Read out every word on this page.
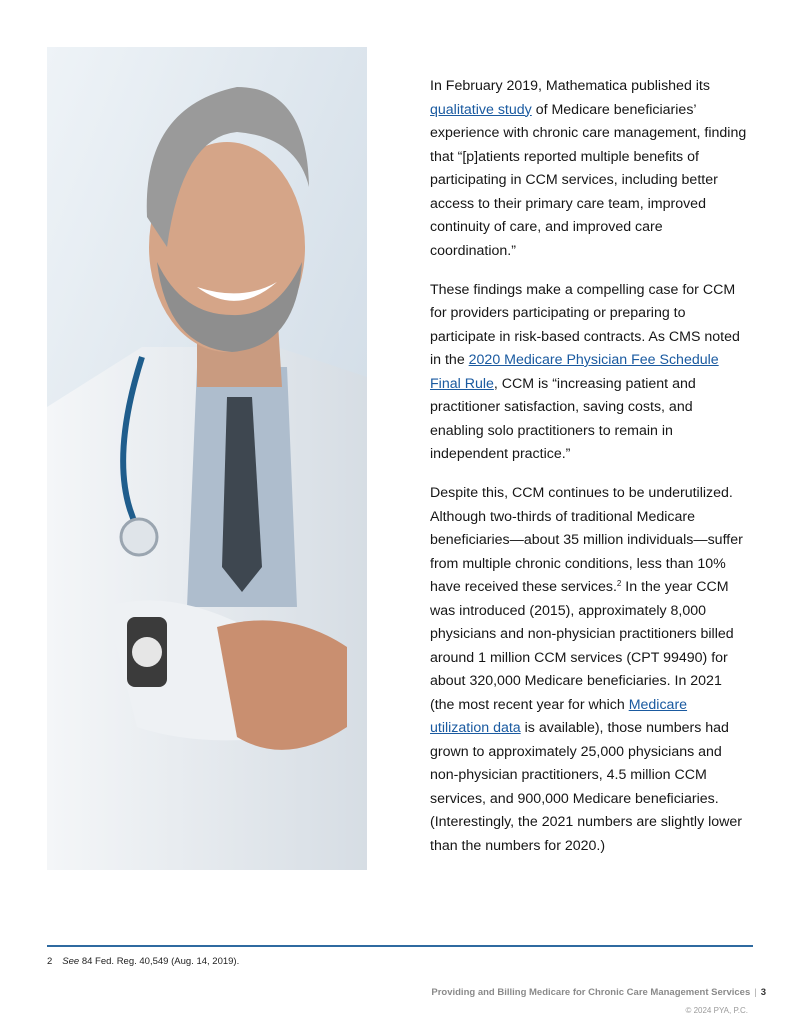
In February 2019, Mathematica published its qualitative study of Medicare beneficiaries’ experience with chronic care management, finding that “[p]atients reported multiple benefits of participating in CCM services, including better access to their primary care team, improved continuity of care, and improved care coordination.”

These findings make a compelling case for CCM for providers participating or preparing to participate in risk-based contracts. As CMS noted in the 2020 Medicare Physician Fee Schedule Final Rule, CCM is “increasing patient and practitioner satisfaction, saving costs, and enabling solo practitioners to remain in independent practice.”

Despite this, CCM continues to be underutilized. Although two-thirds of traditional Medicare beneficiaries—about 35 million individuals—suffer from multiple chronic conditions, less than 10% have received these services.$^2$ In the year CCM was introduced (2015), approximately 8,000 physicians and non-physician practitioners billed around 1 million CCM services (CPT 99490) for about 320,000 Medicare beneficiaries. In 2021 (the most recent year for which Medicare utilization data is available), those numbers had grown to approximately 25,000 physicians and non-physician practitioners, 4.5 million CCM services, and 900,000 Medicare beneficiaries. (Interestingly, the 2021 numbers are slightly lower than the numbers for 2020.)

2 See 84 Fed. Reg. 40,549 (Aug. 14, 2019).
Providing and Billing Medicare for Chronic Care Management Services | 3
© 2024 PYA, P.C.
